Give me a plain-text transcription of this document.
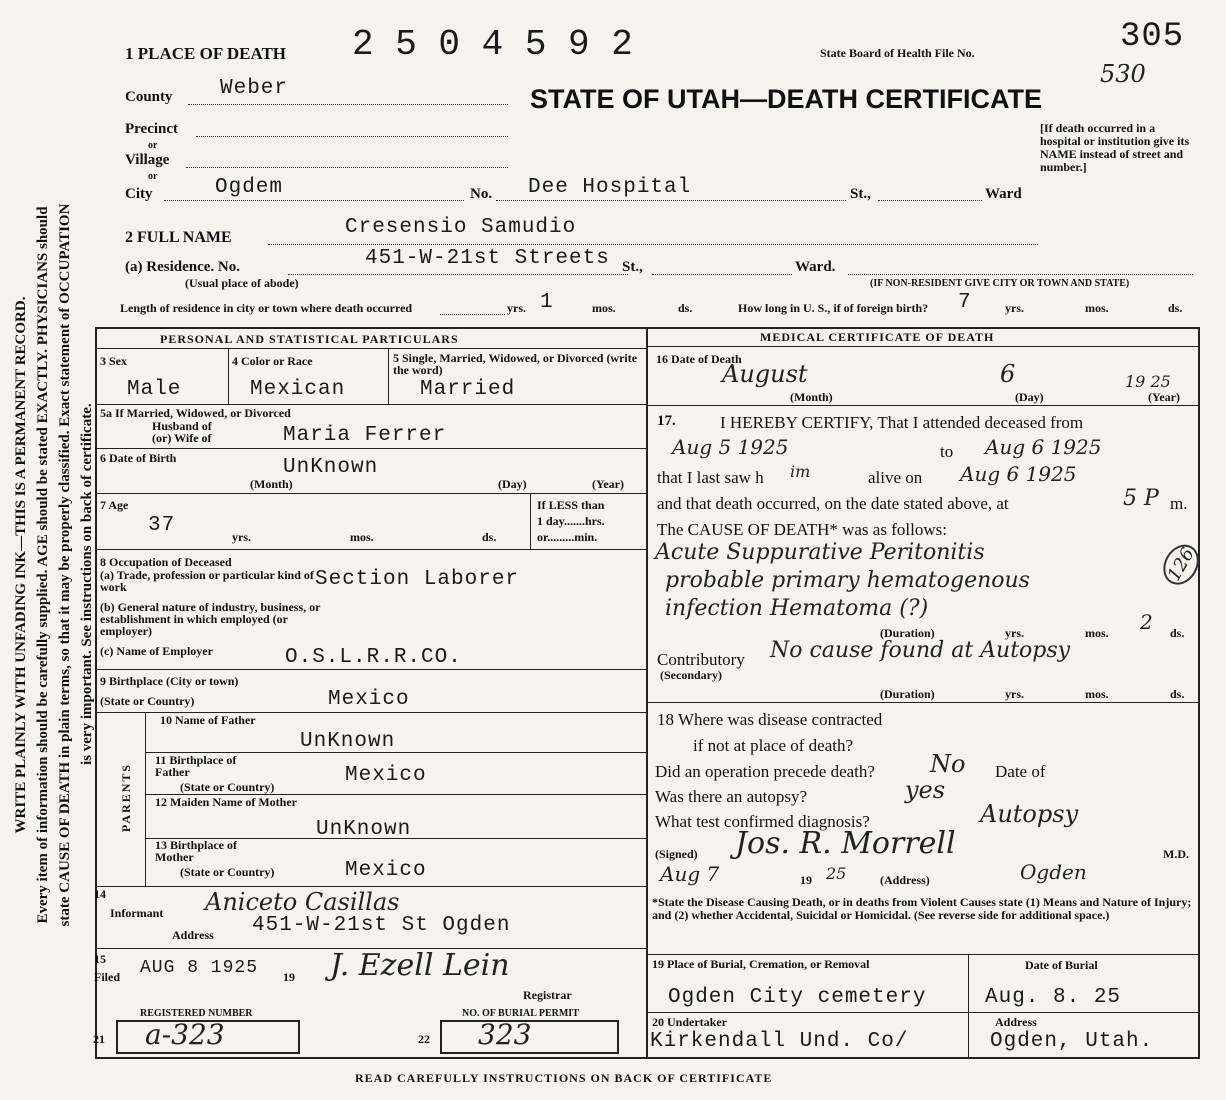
WRITE PLAINLY WITH UNFADING INK—THIS IS A PERMANENT RECORD. Every item of information should be carefully supplied. AGE should be stated EXACTLY. PHYSICIANS should state CAUSE OF DEATH in plain terms, so that it may be properly classified. Exact statement of OCCUPATION is very important. See instructions on back of certificate.
1 PLACE OF DEATH 2 5 0 4 5 9 2	State Board of Health File No.	305
530
STATE OF UTAH—DEATH CERTIFICATE
[If death occurred in a hospital or institution give its NAME instead of street and number.]
County Weber
Precinct
or
Village
or
City	Ogdem	No. Dee Hospital	St.,	Ward
2 FULL NAME	Cresensio Samudio
(a) Residence. No.	451-W-21st Streets St.,	Ward.
(Usual place of abode)	(IF NON-RESIDENT GIVE CITY OR TOWN AND STATE)
Length of residence in city or town where death occurred	yrs. 1	mos.	ds.	How long in U. S., if of foreign birth? 7	yrs.	mos.	ds.
PERSONAL AND STATISTICAL PARTICULARS
3 Sex
Male
4 Color or Race
Mexican
5 Single, Married, Widowed, or Divorced (write the word)
Married
5a If Married, Widowed, or Divorced
Husband of
(or) Wife of	Maria Ferrer
6 Date of Birth	UnKnown
(Month)	(Day)	(Year)
7 Age
37	yrs.	mos.	ds.
If LESS than
1 day.......hrs.
or.........min.
8 Occupation of Deceased
(a) Trade, profession or particular kind of work	Section Laborer
(b) General nature of industry, business, or establishment in which employed (or employer)
(c) Name of Employer	O.S.L.R.R.CO.
9 Birthplace (City or town)
(State or Country)	Mexico
PARENTS
10 Name of Father
UnKnown
11 Birthplace of Father
(State or Country)	Mexico
12 Maiden Name of Mother
UnKnown
13 Birthplace of Mother
(State or Country)	Mexico
14
Informant Aniceto Casillas
Address 451-W-21st St Ogden
15
Filed AUG 8 1925 19 J. Ezell Lein
Registrar
REGISTERED NUMBER
21 a-323
NO. OF BURIAL PERMIT
22 323
MEDICAL CERTIFICATE OF DEATH
16 Date of Death
August	6	19 25
(Month)	(Day)	(Year)
17.	I HEREBY CERTIFY, That I attended deceased from
Aug 5 1925	to Aug 6 1925
that I last saw h im	alive on Aug 6 1925
and that death occurred, on the date stated above, at	5 P m.
The CAUSE OF DEATH* was as follows:
Acute Suppurative Peritonitis
probable primary hematogenous
infection Hematoma (?)
126
(Duration)	yrs.	mos. 2 ds.
Contributory
(Secondary)
No cause found at Autopsy
(Duration)	yrs.	mos.	ds.
18 Where was disease contracted
if not at place of death?
Did an operation precede death? No Date of
Was there an autopsy?	yes
What test confirmed diagnosis?	Autopsy
(Signed) Jos. R. Morrell	M.D.
Aug 7	19 25	(Address)	Ogden
*State the Disease Causing Death, or in deaths from Violent Causes state (1) Means and Nature of Injury; and (2) whether Accidental, Suicidal or Homicidal. (See reverse side for additional space.)
19 Place of Burial, Cremation, or Removal
Ogden City cemetery
Date of Burial
Aug. 8. 25
20 Undertaker
Kirkendall Und. Co/
Address
Ogden, Utah.
READ CAREFULLY INSTRUCTIONS ON BACK OF CERTIFICATE
